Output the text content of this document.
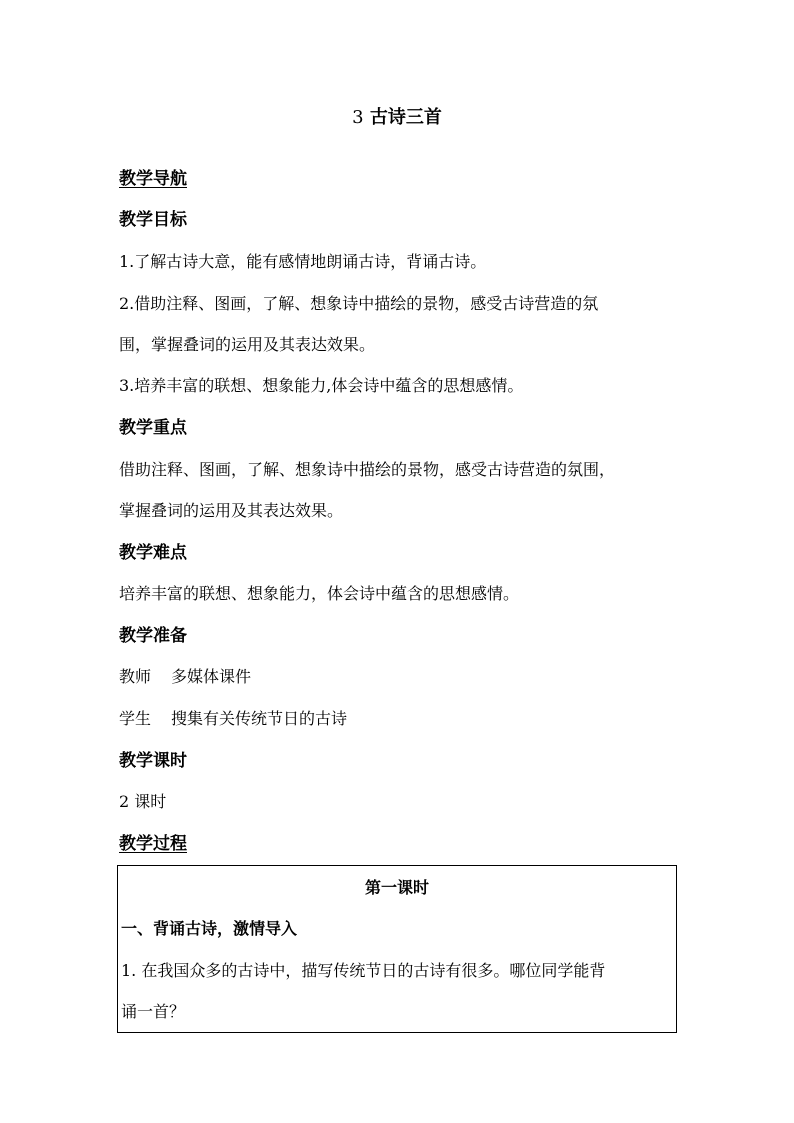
3 古诗三首
教学导航
教学目标
1.了解古诗大意，能有感情地朗诵古诗，背诵古诗。
2.借助注释、图画，了解、想象诗中描绘的景物，感受古诗营造的氛
围，掌握叠词的运用及其表达效果。
3.培养丰富的联想、想象能力,体会诗中蕴含的思想感情。
教学重点
借助注释、图画，了解、想象诗中描绘的景物，感受古诗营造的氛围，
掌握叠词的运用及其表达效果。
教学难点
培养丰富的联想、想象能力，体会诗中蕴含的思想感情。
教学准备
教师 多媒体课件
学生 搜集有关传统节日的古诗
教学课时
2 课时
教学过程
第一课时
一、背诵古诗，激情导入
1. 在我国众多的古诗中，描写传统节日的古诗有很多。哪位同学能背
诵一首？
